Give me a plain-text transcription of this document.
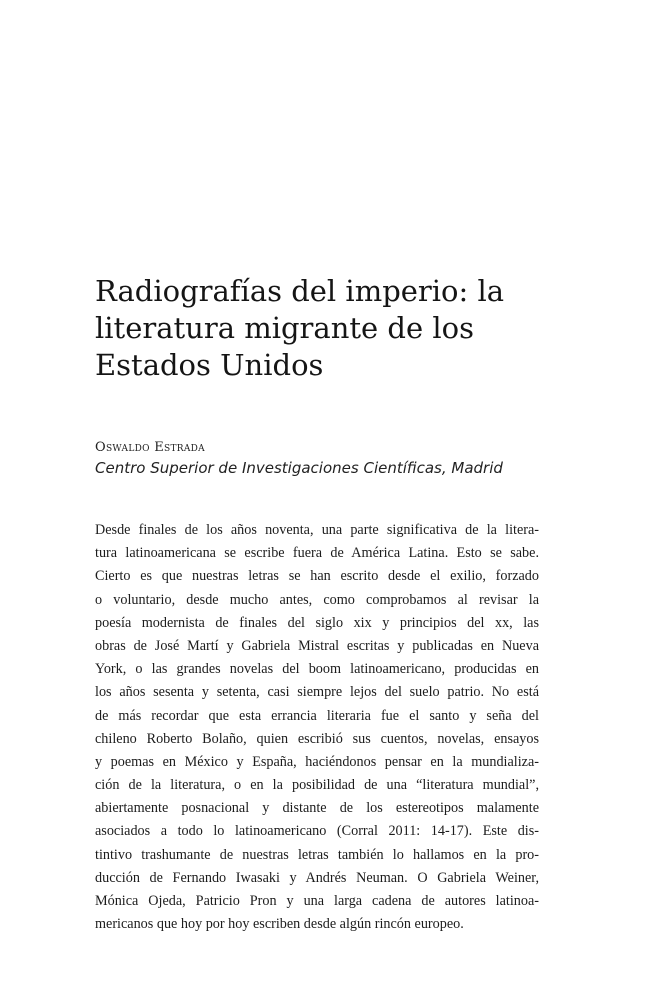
Radiografías del imperio: la
literatura migrante de los
Estados Unidos
Oswaldo Estrada
Centro Superior de Investigaciones Científicas, Madrid
Desde finales de los años noventa, una parte significativa de la litera-
tura latinoamericana se escribe fuera de América Latina. Esto se sabe.
Cierto es que nuestras letras se han escrito desde el exilio, forzado
o voluntario, desde mucho antes, como comprobamos al revisar la
poesía modernista de finales del siglo xix y principios del xx, las
obras de José Martí y Gabriela Mistral escritas y publicadas en Nueva
York, o las grandes novelas del boom latinoamericano, producidas en
los años sesenta y setenta, casi siempre lejos del suelo patrio. No está
de más recordar que esta errancia literaria fue el santo y seña del
chileno Roberto Bolaño, quien escribió sus cuentos, novelas, ensayos
y poemas en México y España, haciéndonos pensar en la mundializa-
ción de la literatura, o en la posibilidad de una “literatura mundial”,
abiertamente posnacional y distante de los estereotipos malamente
asociados a todo lo latinoamericano (Corral 2011: 14-17). Este dis-
tintivo trashumante de nuestras letras también lo hallamos en la pro-
ducción de Fernando Iwasaki y Andrés Neuman. O Gabriela Weiner,
Mónica Ojeda, Patricio Pron y una larga cadena de autores latinoa-
mericanos que hoy por hoy escriben desde algún rincón europeo.
